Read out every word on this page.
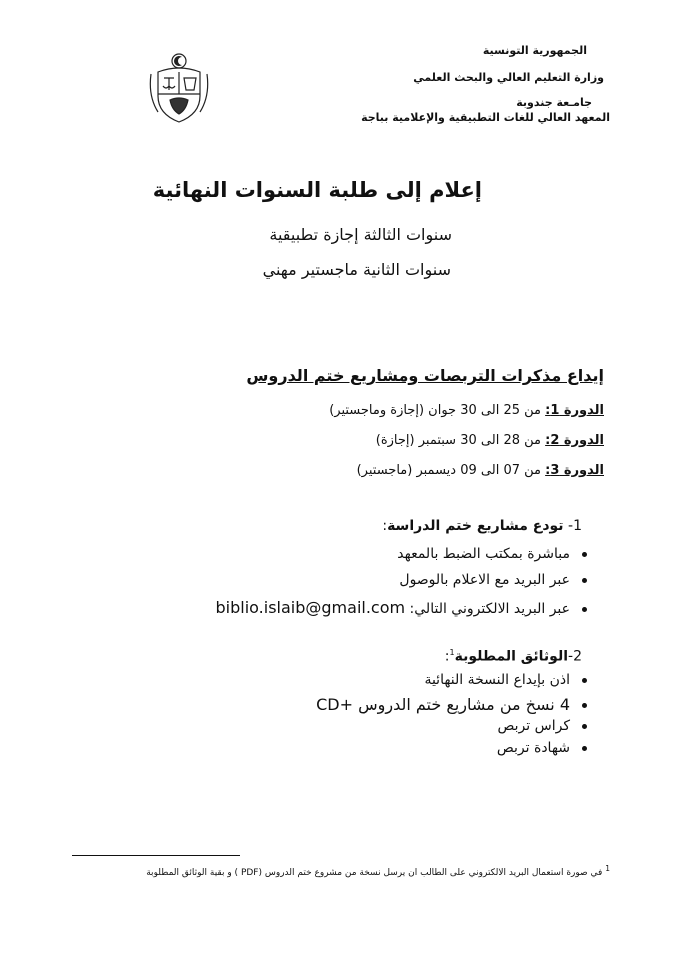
الجمهورية التونسية
وزارة التعليم العالي والبحث العلمي
جامـعة جندوبة
المعهد العالي للغات التطبيقية والإعلامية بباجة
إعلام إلى طلبة السنوات النهائية
سنوات الثالثة إجازة تطبيقية
سنوات الثانية ماجستير مهني
إيداع مذكرات التربصات ومشاريع ختم الدروس
الدورة 1: من 25 الى 30 جوان (إجازة وماجستير)
الدورة 2: من 28 الى 30 سبتمبر (إجازة)
الدورة 3: من 07 الى 09 ديسمبر (ماجستير)
1- تودع مشاريع ختم الدراسة:
مباشرة بمكتب الضبط بالمعهد
عبر البريد مع الاعلام بالوصول
عبر البريد الالكتروني التالي: biblio.islaib@gmail.com
2-الوثائق المطلوبة$^1$:
اذن بإيداع النسخة النهائية
4 نسخ من مشاريع ختم الدروس +CD
كراس تربص
شهادة تربص
$^1$ في صورة استعمال البريد الالكتروني على الطالب ان يرسل نسخة من مشروع ختم الدروس (PDF ) و بقية الوثائق المطلوبة
